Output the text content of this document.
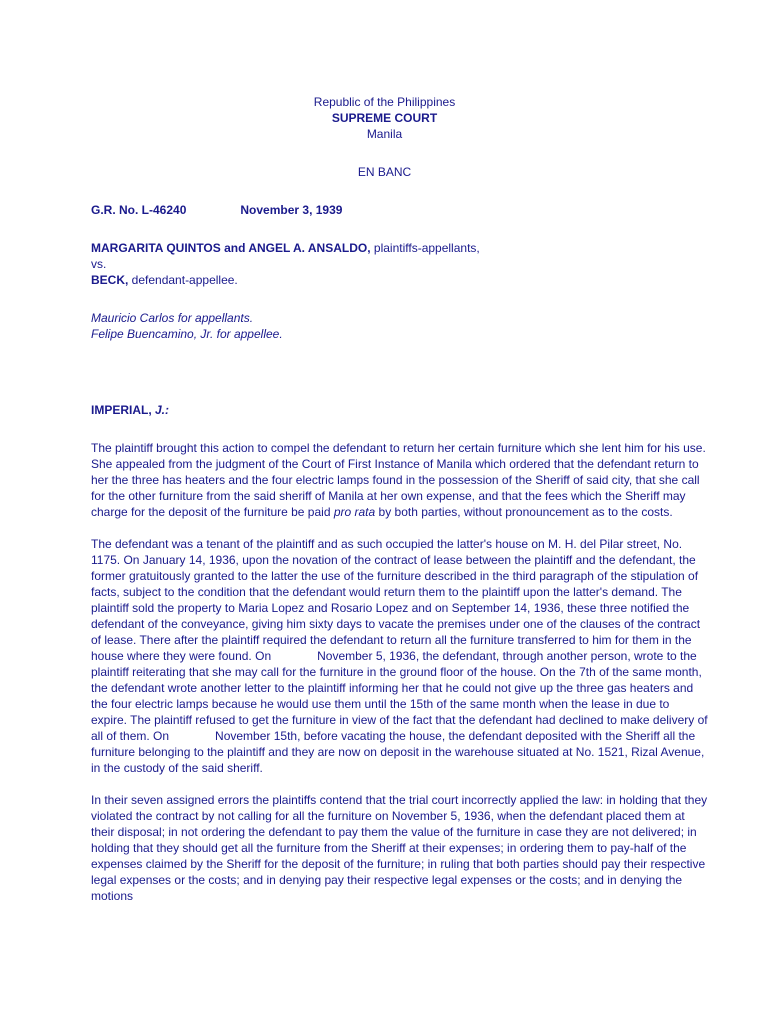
Republic of the Philippines
SUPREME COURT
Manila
EN BANC
G.R. No. L-46240	November 3, 1939
MARGARITA QUINTOS and ANGEL A. ANSALDO, plaintiffs-appellants,
vs.
BECK, defendant-appellee.
Mauricio Carlos for appellants.
Felipe Buencamino, Jr. for appellee.
IMPERIAL, J.:

The plaintiff brought this action to compel the defendant to return her certain furniture which she lent him for his use. She appealed from the judgment of the Court of First Instance of Manila which ordered that the defendant return to her the three has heaters and the four electric lamps found in the possession of the Sheriff of said city, that she call for the other furniture from the said sheriff of Manila at her own expense, and that the fees which the Sheriff may charge for the deposit of the furniture be paid pro rata by both parties, without pronouncement as to the costs.

The defendant was a tenant of the plaintiff and as such occupied the latter's house on M. H. del Pilar street, No. 1175. On January 14, 1936, upon the novation of the contract of lease between the plaintiff and the defendant, the former gratuitously granted to the latter the use of the furniture described in the third paragraph of the stipulation of facts, subject to the condition that the defendant would return them to the plaintiff upon the latter's demand. The plaintiff sold the property to Maria Lopez and Rosario Lopez and on September 14, 1936, these three notified the defendant of the conveyance, giving him sixty days to vacate the premises under one of the clauses of the contract of lease. There after the plaintiff required the defendant to return all the furniture transferred to him for them in the house where they were found. On	November 5, 1936, the defendant, through another person, wrote to the plaintiff reiterating that she may call for the furniture in the ground floor of the house. On the 7th of the same month, the defendant wrote another letter to the plaintiff informing her that he could not give up the three gas heaters and the four electric lamps because he would use them until the 15th of the same month when the lease in due to expire. The plaintiff refused to get the furniture in view of the fact that the defendant had declined to make delivery of all of them. On	November 15th, before vacating the house, the defendant deposited with the Sheriff all the furniture belonging to the plaintiff and they are now on deposit in the warehouse situated at No. 1521, Rizal Avenue, in the custody of the said sheriff.

In their seven assigned errors the plaintiffs contend that the trial court incorrectly applied the law: in holding that they violated the contract by not calling for all the furniture on November 5, 1936, when the defendant placed them at their disposal; in not ordering the defendant to pay them the value of the furniture in case they are not delivered; in holding that they should get all the furniture from the Sheriff at their expenses; in ordering them to pay-half of the expenses claimed by the Sheriff for the deposit of the furniture; in ruling that both parties should pay their respective legal expenses or the costs; and in denying pay their respective legal expenses or the costs; and in denying the motions
